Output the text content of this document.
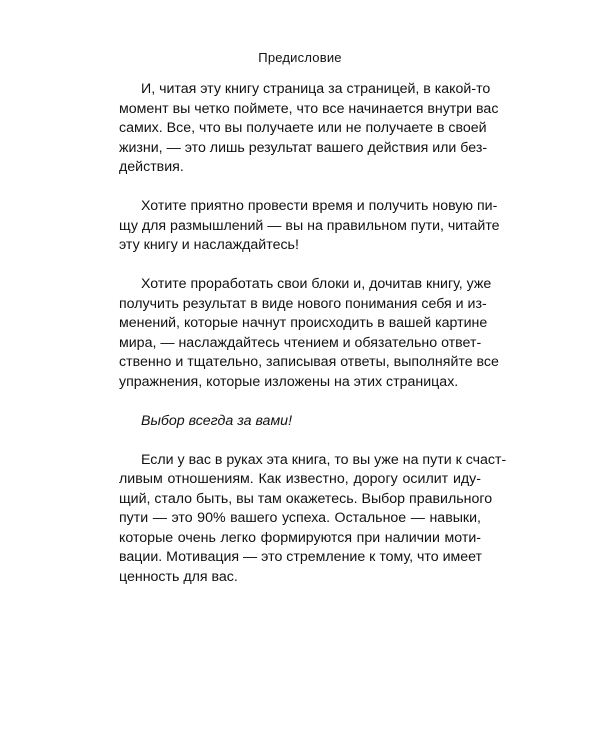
Предисловие
И, читая эту книгу страница за страницей, в какой-то
момент вы четко поймете, что все начинается внутри вас
самих. Все, что вы получаете или не получаете в своей
жизни, — это лишь результат вашего действия или без-
действия.
Хотите приятно провести время и получить новую пи-
щу для размышлений — вы на правильном пути, читайте
эту книгу и наслаждайтесь!
Хотите проработать свои блоки и, дочитав книгу, уже
получить результат в виде нового понимания себя и из-
менений, которые начнут происходить в вашей картине
мира, — наслаждайтесь чтением и обязательно ответ-
ственно и тщательно, записывая ответы, выполняйте все
упражнения, которые изложены на этих страницах.
Выбор всегда за вами!
Если у вас в руках эта книга, то вы уже на пути к счаст-
ливым отношениям. Как известно, дорогу осилит иду-
щий, стало быть, вы там окажетесь. Выбор правильного
пути — это 90% вашего успеха. Остальное — навыки,
которые очень легко формируются при наличии моти-
вации. Мотивация — это стремление к тому, что имеет
ценность для вас.
